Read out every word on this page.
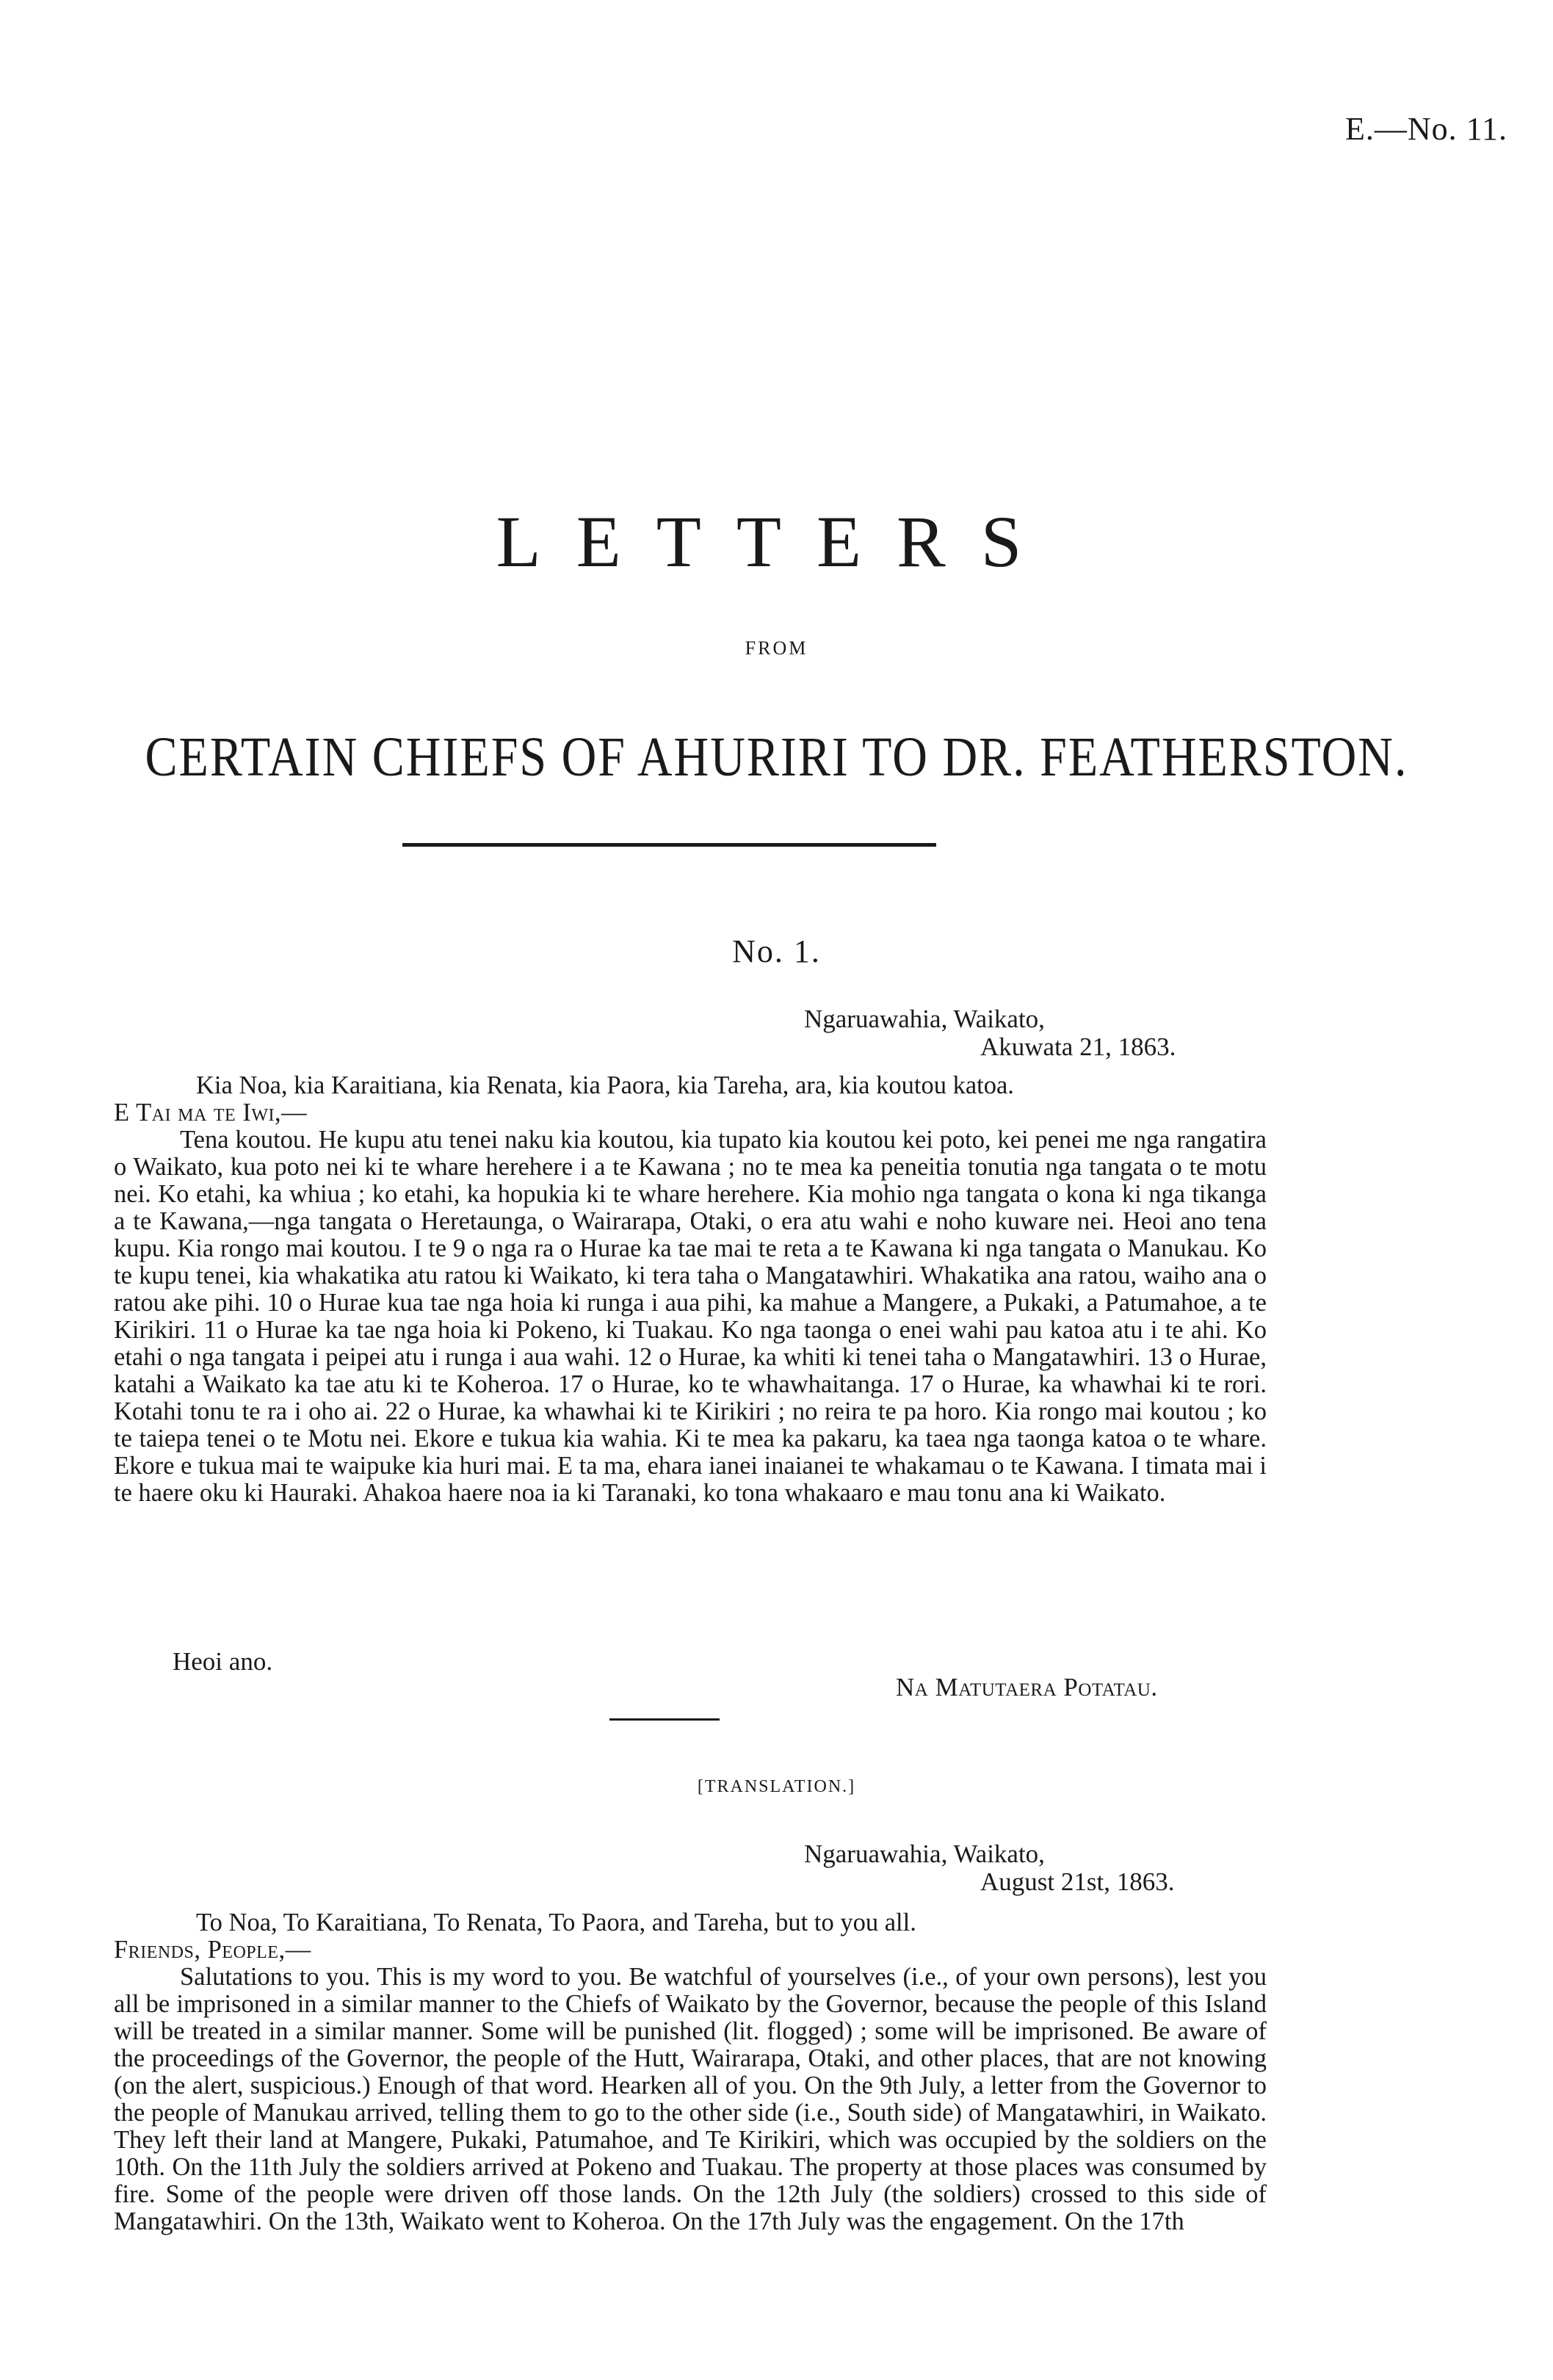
E.—No. 11.
LETTERS
FROM
CERTAIN CHIEFS OF AHURIRI TO DR. FEATHERSTON.
No. 1.
Ngaruawahia, Waikato,
Akuwata 21, 1863.

Kia Noa, kia Karaitiana, kia Renata, kia Paora, kia Tareha, ara, kia koutou katoa.

E Tai ma te Iwi,—

Tena koutou. He kupu atu tenei naku kia koutou, kia tupato kia koutou kei poto, kei penei me nga rangatira o Waikato, kua poto nei ki te whare herehere i a te Kawana ; no te mea ka peneitia tonutia nga tangata o te motu nei. Ko etahi, ka whiua ; ko etahi, ka hopukia ki te whare herehere. Kia mohio nga tangata o kona ki nga tikanga a te Kawana,—nga tangata o Heretaunga, o Wairarapa, Otaki, o era atu wahi e noho kuware nei. Heoi ano tena kupu. Kia rongo mai koutou. I te 9 o nga ra o Hurae ka tae mai te reta a te Kawana ki nga tangata o Manukau. Ko te kupu tenei, kia whakatika atu ratou ki Waikato, ki tera taha o Mangatawhiri. Whakatika ana ratou, waiho ana o ratou ake pihi. 10 o Hurae kua tae nga hoia ki runga i aua pihi, ka mahue a Mangere, a Pukaki, a Patumahoe, a te Kirikiri. 11 o Hurae ka tae nga hoia ki Pokeno, ki Tuakau. Ko nga taonga o enei wahi pau katoa atu i te ahi. Ko etahi o nga tangata i peipei atu i runga i aua wahi. 12 o Hurae, ka whiti ki tenei taha o Mangatawhiri. 13 o Hurae, katahi a Waikato ka tae atu ki te Koheroa. 17 o Hurae, ko te whawhaitanga. 17 o Hurae, ka whawhai ki te rori. Kotahi tonu te ra i oho ai. 22 o Hurae, ka whawhai ki te Kirikiri ; no reira te pa horo. Kia rongo mai koutou ; ko te taiepa tenei o te Motu nei. Ekore e tukua kia wahia. Ki te mea ka pakaru, ka taea nga taonga katoa o te whare. Ekore e tukua mai te waipuke kia huri mai. E ta ma, ehara ianei inaianei te whakamau o te Kawana. I timata mai i te haere oku ki Hauraki. Ahakoa haere noa ia ki Taranaki, ko tona whakaaro e mau tonu ana ki Waikato.

Heoi ano.
Na Matutaera Potatau.
[TRANSLATION.]
Ngaruawahia, Waikato,
August 21st, 1863.

To Noa, To Karaitiana, To Renata, To Paora, and Tareha, but to you all.

Friends, People,—

Salutations to you. This is my word to you. Be watchful of yourselves (i.e., of your own persons), lest you all be imprisoned in a similar manner to the Chiefs of Waikato by the Governor, because the people of this Island will be treated in a similar manner. Some will be punished (lit. flogged) ; some will be imprisoned. Be aware of the proceedings of the Governor, the people of the Hutt, Wairarapa, Otaki, and other places, that are not knowing (on the alert, suspicious.) Enough of that word. Hearken all of you. On the 9th July, a letter from the Governor to the people of Manukau arrived, telling them to go to the other side (i.e., South side) of Mangatawhiri, in Waikato. They left their land at Mangere, Pukaki, Patumahoe, and Te Kirikiri, which was occupied by the soldiers on the 10th. On the 11th July the soldiers arrived at Pokeno and Tuakau. The property at those places was consumed by fire. Some of the people were driven off those lands. On the 12th July (the soldiers) crossed to this side of Mangatawhiri. On the 13th, Waikato went to Koheroa. On the 17th July was the engagement. On the 17th
